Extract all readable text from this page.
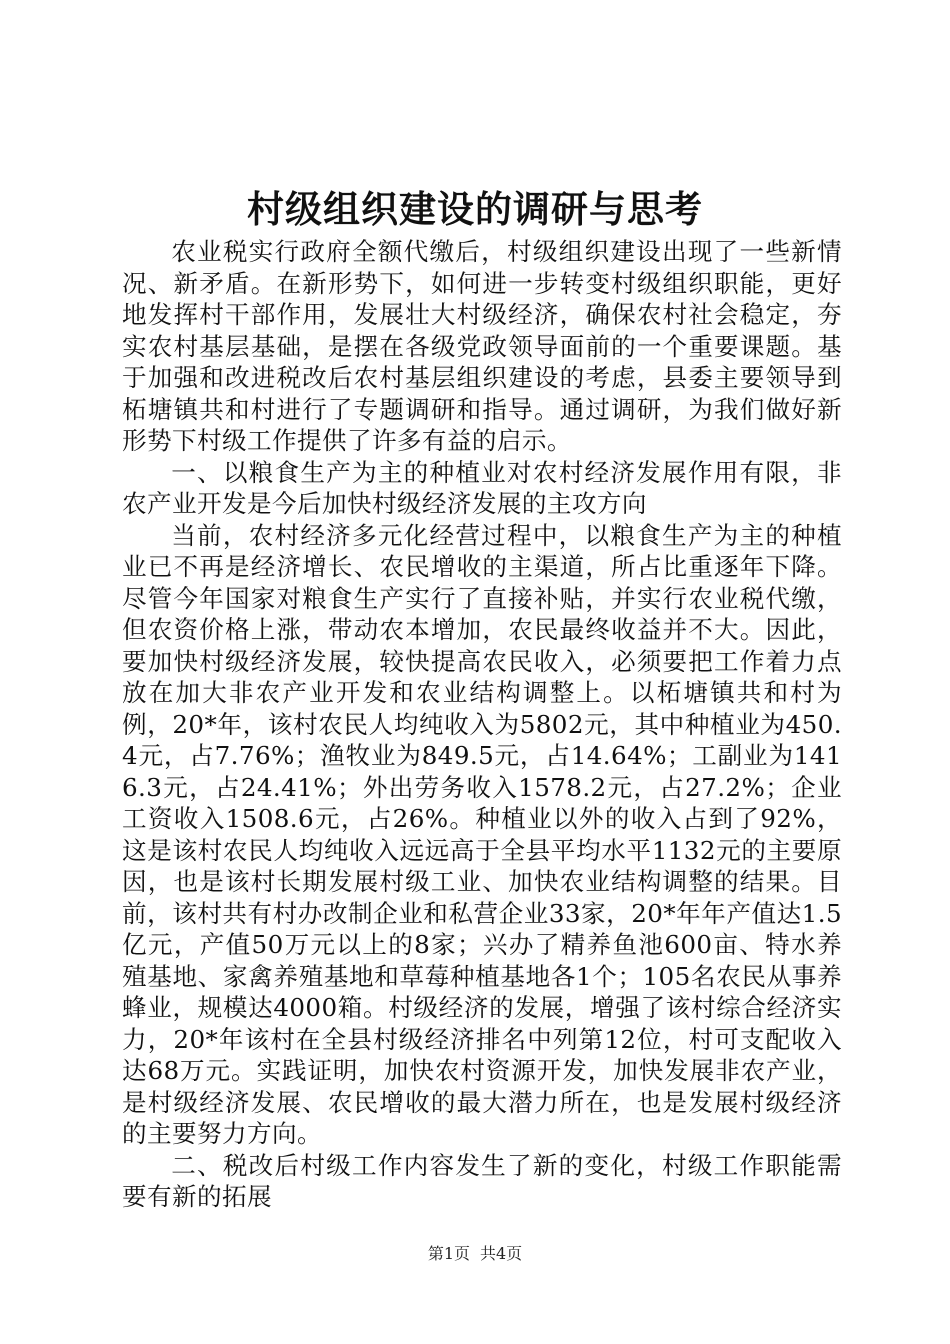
村级组织建设的调研与思考

农业税实行政府全额代缴后，村级组织建设出现了一些新情况、新矛盾。在新形势下，如何进一步转变村级组织职能，更好地发挥村干部作用，发展壮大村级经济，确保农村社会稳定，夯实农村基层基础，是摆在各级党政领导面前的一个重要课题。基于加强和改进税改后农村基层组织建设的考虑，县委主要领导到柘塘镇共和村进行了专题调研和指导。通过调研，为我们做好新形势下村级工作提供了许多有益的启示。

一、以粮食生产为主的种植业对农村经济发展作用有限，非农产业开发是今后加快村级经济发展的主攻方向

当前，农村经济多元化经营过程中，以粮食生产为主的种植业已不再是经济增长、农民增收的主渠道，所占比重逐年下降。尽管今年国家对粮食生产实行了直接补贴，并实行农业税代缴，但农资价格上涨，带动农本增加，农民最终收益并不大。因此，要加快村级经济发展，较快提高农民收入，必须要把工作着力点放在加大非农产业开发和农业结构调整上。以柘塘镇共和村为例，20*年，该村农民人均纯收入为5802元，其中种植业为450.4元，占7.76%；渔牧业为849.5元，占14.64%；工副业为1416.3元，占24.41%；外出劳务收入1578.2元，占27.2%；企业工资收入1508.6元，占26%。种植业以外的收入占到了92%，这是该村农民人均纯收入远远高于全县平均水平1132元的主要原因，也是该村长期发展村级工业、加快农业结构调整的结果。目前，该村共有村办改制企业和私营企业33家，20*年年产值达1.5亿元，产值50万元以上的8家；兴办了精养鱼池600亩、特水养殖基地、家禽养殖基地和草莓种植基地各1个；105名农民从事养蜂业，规模达4000箱。村级经济的发展，增强了该村综合经济实力，20*年该村在全县村级经济排名中列第12位，村可支配收入达68万元。实践证明，加快农村资源开发，加快发展非农产业，是村级经济发展、农民增收的最大潜力所在，也是发展村级经济的主要努力方向。

二、税改后村级工作内容发生了新的变化，村级工作职能需要有新的拓展

第1页 共4页
